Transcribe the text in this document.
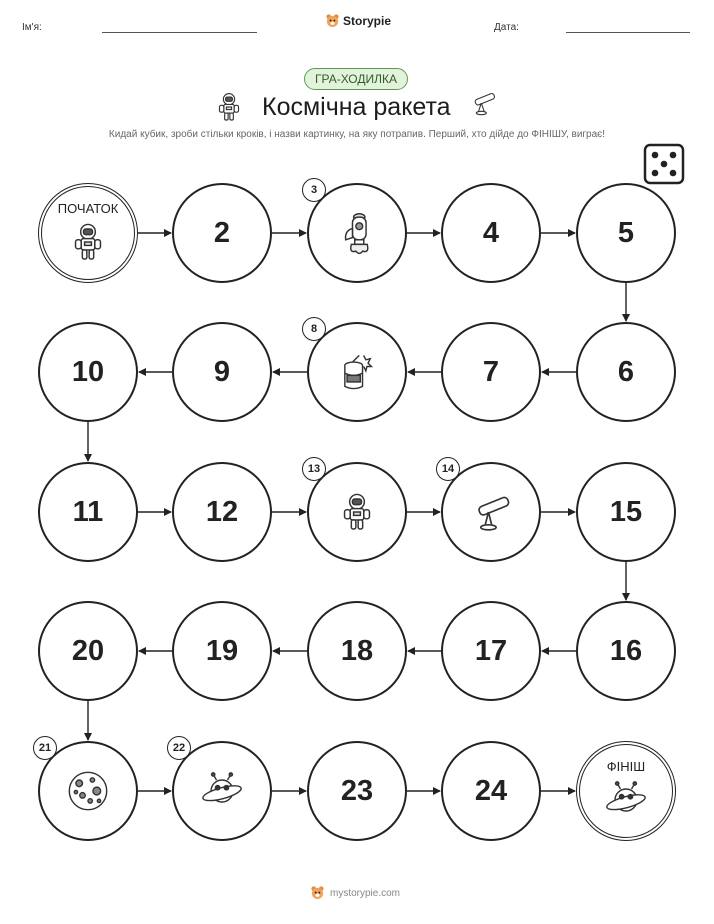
Ім'я:	Storypie	Дата:
ГРА-ХОДИЛКА
Космічна ракета
Кидай кубик, зроби стільки кроків, і назви картинку, на яку потрапив. Перший, хто дійде до ФІНІШУ, виграє!
ПОЧАТОК
2
3
4	5
6
7
8
9
10
11	12
13	14
15
16
17
18
19
20
21	22
23	24
ФІНІШ
mystorypie.com
